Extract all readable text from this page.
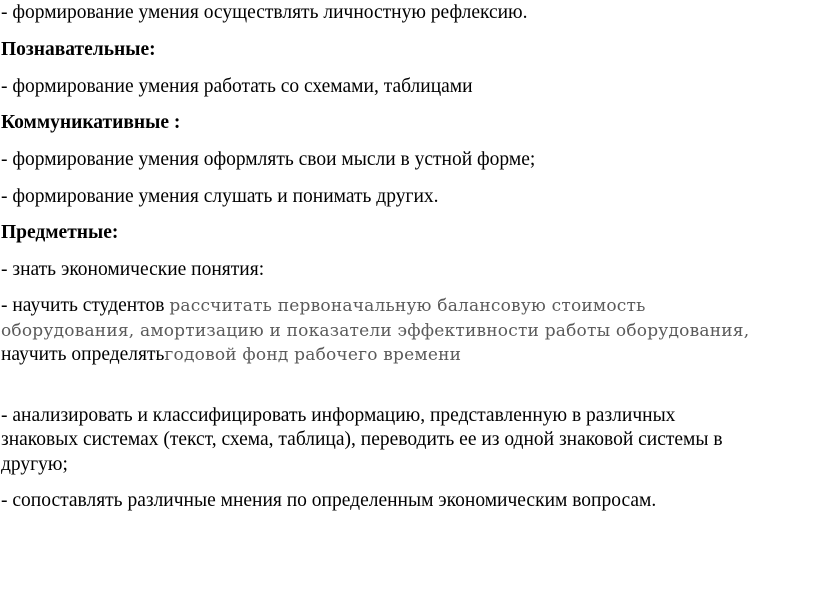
- формирование умения осуществлять личностную рефлексию.

Познавательные:

- формирование умения работать со схемами, таблицами

Коммуникативные :

- формирование умения оформлять свои мысли в устной форме;

- формирование умения слушать и понимать других.

Предметные:

- знать экономические понятия:

- научить студентов рассчитать первоначальную балансовую стоимость

оборудования, амортизацию и показатели эффективности работы оборудования,

научить определятьгодовой фонд рабочего времени

- анализировать и классифицировать информацию, представленную в различных

знаковых системах (текст, схема, таблица), переводить ее из одной знаковой системы в

другую;

- сопоставлять различные мнения по определенным экономическим вопросам.
